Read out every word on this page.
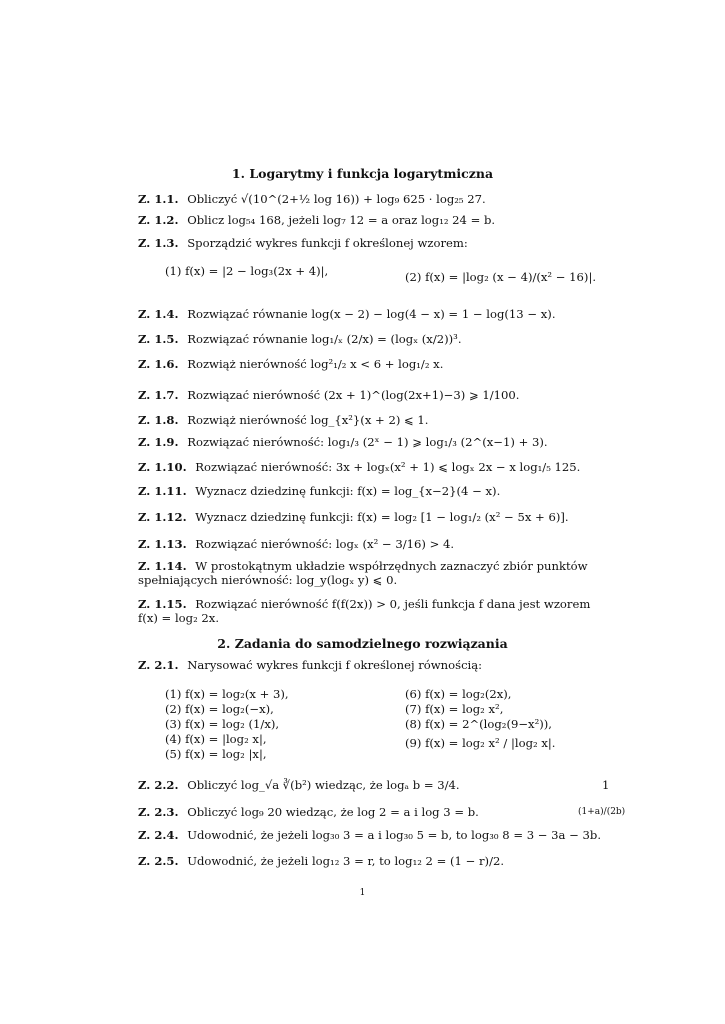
1. Logarytmy i funkcja logarytmiczna
Z. 1.1. Obliczyć √(10^(2+½ log 16)) + log₉ 625 · log₂₅ 27.
Z. 1.2. Oblicz log₅₄ 168, jeżeli log₇ 12 = a oraz log₁₂ 24 = b.
Z. 1.3. Sporządzić wykres funkcji f określonej wzorem:
(1) f(x) = |2 − log₃(2x + 4)|,	(2) f(x) = |log₂ (x − 4)/(x² − 16)|.
Z. 1.4. Rozwiązać równanie log(x − 2) − log(4 − x) = 1 − log(13 − x).
Z. 1.5. Rozwiązać równanie log₁/ₓ (2/x) = (logₓ (x/2))³.
Z. 1.6. Rozwiąż nierówność log²₁/₂ x < 6 + log₁/₂ x.
Z. 1.7. Rozwiązać nierówność (2x + 1)^(log(2x+1)−3) ⩾ 1/100.
Z. 1.8. Rozwiąż nierówność log_{x²}(x + 2) ⩽ 1.
Z. 1.9. Rozwiązać nierówność: log₁/₃ (2ˣ − 1) ⩾ log₁/₃ (2^(x−1) + 3).
Z. 1.10. Rozwiązać nierówność: 3x + logₓ(x² + 1) ⩽ logₓ 2x − x log₁/₅ 125.
Z. 1.11. Wyznacz dziedzinę funkcji: f(x) = log_{x−2}(4 − x).
Z. 1.12. Wyznacz dziedzinę funkcji: f(x) = log₂ [1 − log₁/₂ (x² − 5x + 6)].
Z. 1.13. Rozwiązać nierówność: logₓ (x² − 3/16) > 4.
Z. 1.14. W prostokątnym układzie współrzędnych zaznaczyć zbiór punktów spełniających nierówność: log_y(logₓ y) ⩽ 0.
Z. 1.15. Rozwiązać nierówność f(f(2x)) > 0, jeśli funkcja f dana jest wzorem f(x) = log₂ 2x.
2. Zadania do samodzielnego rozwiązania
Z. 2.1. Narysować wykres funkcji f określonej równością:
(1) f(x) = log₂(x + 3),
(2) f(x) = log₂(−x),
(3) f(x) = log₂ (1/x),
(4) f(x) = |log₂ x|,
(5) f(x) = log₂ |x|,
(6) f(x) = log₂(2x),
(7) f(x) = log₂ x²,
(8) f(x) = 2^(log₂(9−x²)),
(9) f(x) = log₂ x² / |log₂ x|.
Z. 2.2. Obliczyć log_√a ∛(b²) wiedząc, że logₐ b = 3/4.	1
Z. 2.3. Obliczyć log₉ 20 wiedząc, że log 2 = a i log 3 = b.	(1+a)/(2b)
Z. 2.4. Udowodnić, że jeżeli log₃₀ 3 = a i log₃₀ 5 = b, to log₃₀ 8 = 3 − 3a − 3b.
Z. 2.5. Udowodnić, że jeżeli log₁₂ 3 = r, to log₁₂ 2 = (1 − r)/2.
1
